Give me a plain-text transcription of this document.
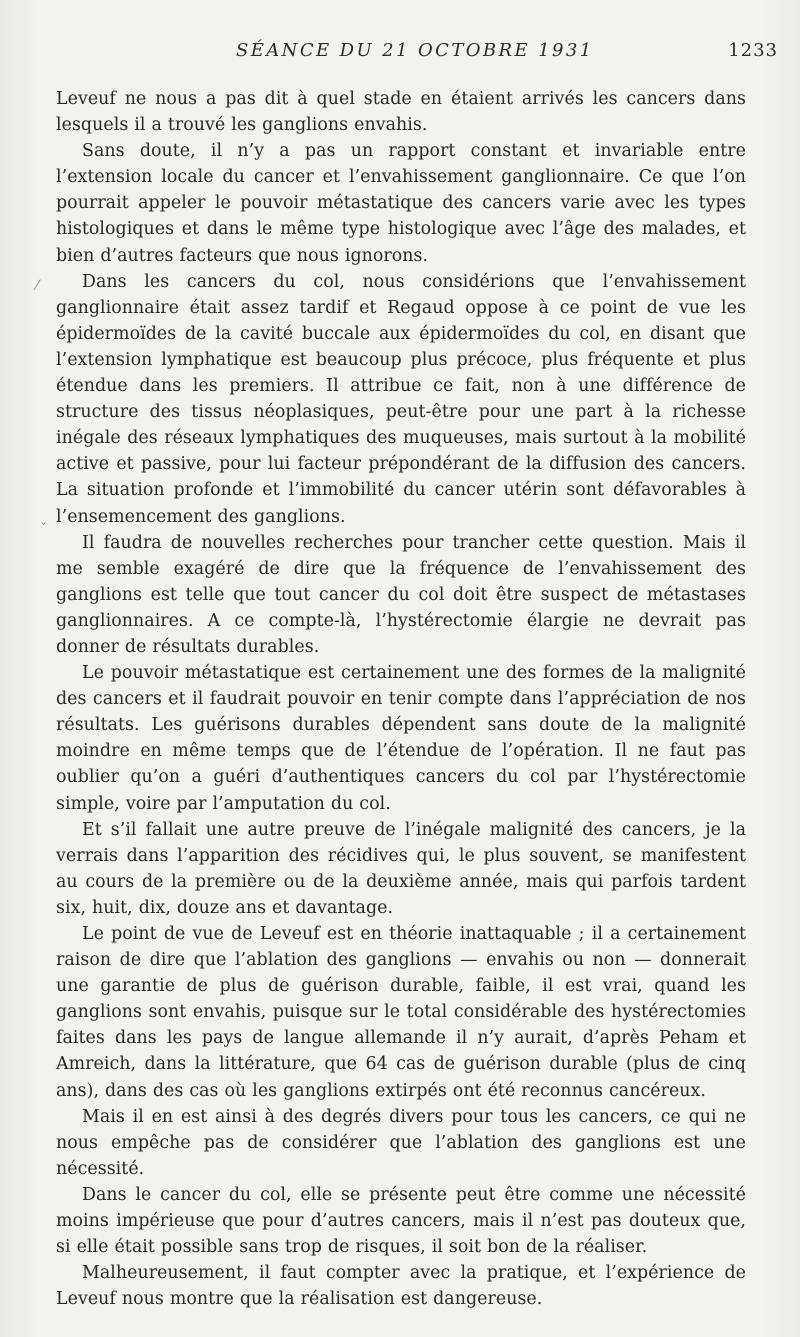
SÉANCE DU 21 OCTOBRE 1931	1233
⁄
ˇ

Leveuf ne nous a pas dit à quel stade en étaient arrivés les cancers dans lesquels il a trouvé les ganglions envahis.

Sans doute, il n’y a pas un rapport constant et invariable entre l’extension locale du cancer et l’envahissement ganglionnaire. Ce que l’on pourrait appeler le pouvoir métastatique des cancers varie avec les types histologiques et dans le même type histologique avec l’âge des malades, et bien d’autres facteurs que nous ignorons.

Dans les cancers du col, nous considérions que l’envahissement ganglionnaire était assez tardif et Regaud oppose à ce point de vue les épidermoïdes de la cavité buccale aux épidermoïdes du col, en disant que l’extension lymphatique est beaucoup plus précoce, plus fréquente et plus étendue dans les premiers. Il attribue ce fait, non à une différence de structure des tissus néoplasiques, peut-être pour une part à la richesse inégale des réseaux lymphatiques des muqueuses, mais surtout à la mobilité active et passive, pour lui facteur prépondérant de la diffusion des cancers. La situation profonde et l’immobilité du cancer utérin sont défavorables à l’ensemencement des ganglions.

Il faudra de nouvelles recherches pour trancher cette question. Mais il me semble exagéré de dire que la fréquence de l’envahissement des ganglions est telle que tout cancer du col doit être suspect de métastases ganglionnaires. A ce compte-là, l’hystérectomie élargie ne devrait pas donner de résultats durables.

Le pouvoir métastatique est certainement une des formes de la malignité des cancers et il faudrait pouvoir en tenir compte dans l’appréciation de nos résultats. Les guérisons durables dépendent sans doute de la malignité moindre en même temps que de l’étendue de l’opération. Il ne faut pas oublier qu’on a guéri d’authentiques cancers du col par l’hystérectomie simple, voire par l’amputation du col.

Et s’il fallait une autre preuve de l’inégale malignité des cancers, je la verrais dans l’apparition des récidives qui, le plus souvent, se manifestent au cours de la première ou de la deuxième année, mais qui parfois tardent six, huit, dix, douze ans et davantage.

Le point de vue de Leveuf est en théorie inattaquable ; il a certainement raison de dire que l’ablation des ganglions — envahis ou non — donnerait une garantie de plus de guérison durable, faible, il est vrai, quand les ganglions sont envahis, puisque sur le total considérable des hystérectomies faites dans les pays de langue allemande il n’y aurait, d’après Peham et Amreich, dans la littérature, que 64 cas de guérison durable (plus de cinq ans), dans des cas où les ganglions extirpés ont été reconnus cancéreux.

Mais il en est ainsi à des degrés divers pour tous les cancers, ce qui ne nous empêche pas de considérer que l’ablation des ganglions est une nécessité.

Dans le cancer du col, elle se présente peut être comme une nécessité moins impérieuse que pour d’autres cancers, mais il n’est pas douteux que, si elle était possible sans trop de risques, il soit bon de la réaliser.

Malheureusement, il faut compter avec la pratique, et l’expérience de Leveuf nous montre que la réalisation est dangereuse.
